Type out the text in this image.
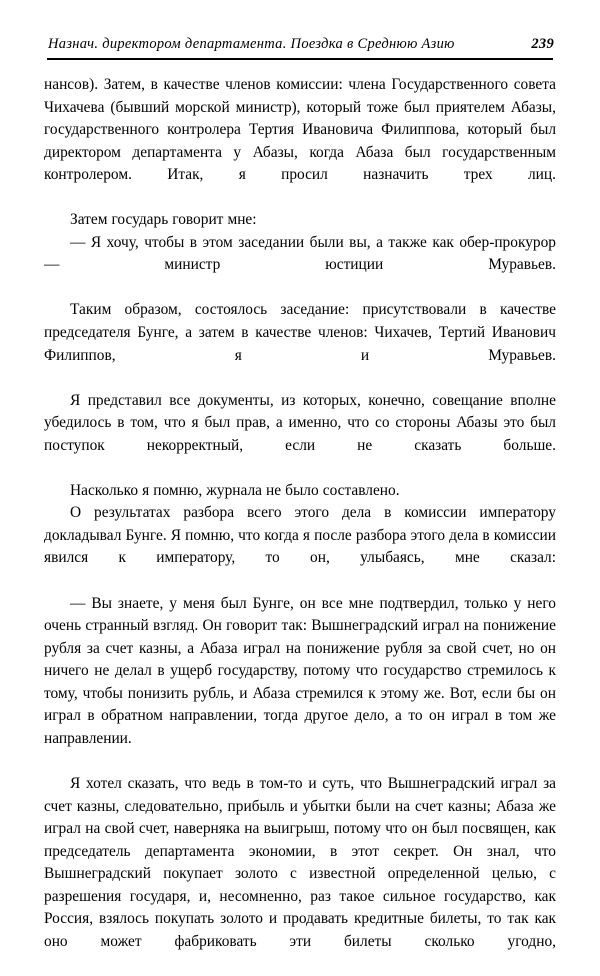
Назнач. директором департамента. Поездка в Среднюю Азию	239

нансов). Затем, в качестве членов комиссии: члена Государственного совета Чихачева (бывший морской министр), который тоже был приятелем Абазы, государственного контролера Тертия Ивановича Филиппова, который был директором департамента у Абазы, когда Абаза был государственным контролером. Итак, я просил назначить трех лиц.

Затем государь говорит мне:

— Я хочу, чтобы в этом заседании были вы, а также как обер-прокурор — министр юстиции Муравьев.

Таким образом, состоялось заседание: присутствовали в качестве председателя Бунге, а затем в качестве членов: Чихачев, Тертий Иванович Филиппов, я и Муравьев.

Я представил все документы, из которых, конечно, совещание вполне убедилось в том, что я был прав, а именно, что со стороны Абазы это был поступок некорректный, если не сказать больше.

Насколько я помню, журнала не было составлено.

О результатах разбора всего этого дела в комиссии императору докладывал Бунге. Я помню, что когда я после разбора этого дела в комиссии явился к императору, то он, улыбаясь, мне сказал:

— Вы знаете, у меня был Бунге, он все мне подтвердил, только у него очень странный взгляд. Он говорит так: Вышнеградский играл на понижение рубля за счет казны, а Абаза играл на понижение рубля за свой счет, но он ничего не делал в ущерб государству, потому что государство стремилось к тому, чтобы понизить рубль, и Абаза стремился к этому же. Вот, если бы он играл в обратном направлении, тогда другое дело, а то он играл в том же направлении.

Я хотел сказать, что ведь в том-то и суть, что Вышнеградский играл за счет казны, следовательно, прибыль и убытки были на счет казны; Абаза же играл на свой счет, наверняка на выигрыш, потому что он был посвящен, как председатель департамента экономии, в этот секрет. Он знал, что Вышнеградский покупает золото с известной определенной целью, с разрешения государя, и, несомненно, раз такое сильное государство, как Россия, взялось покупать золото и продавать кредитные билеты, то так как оно может фабриковать эти билеты сколько угодно,
